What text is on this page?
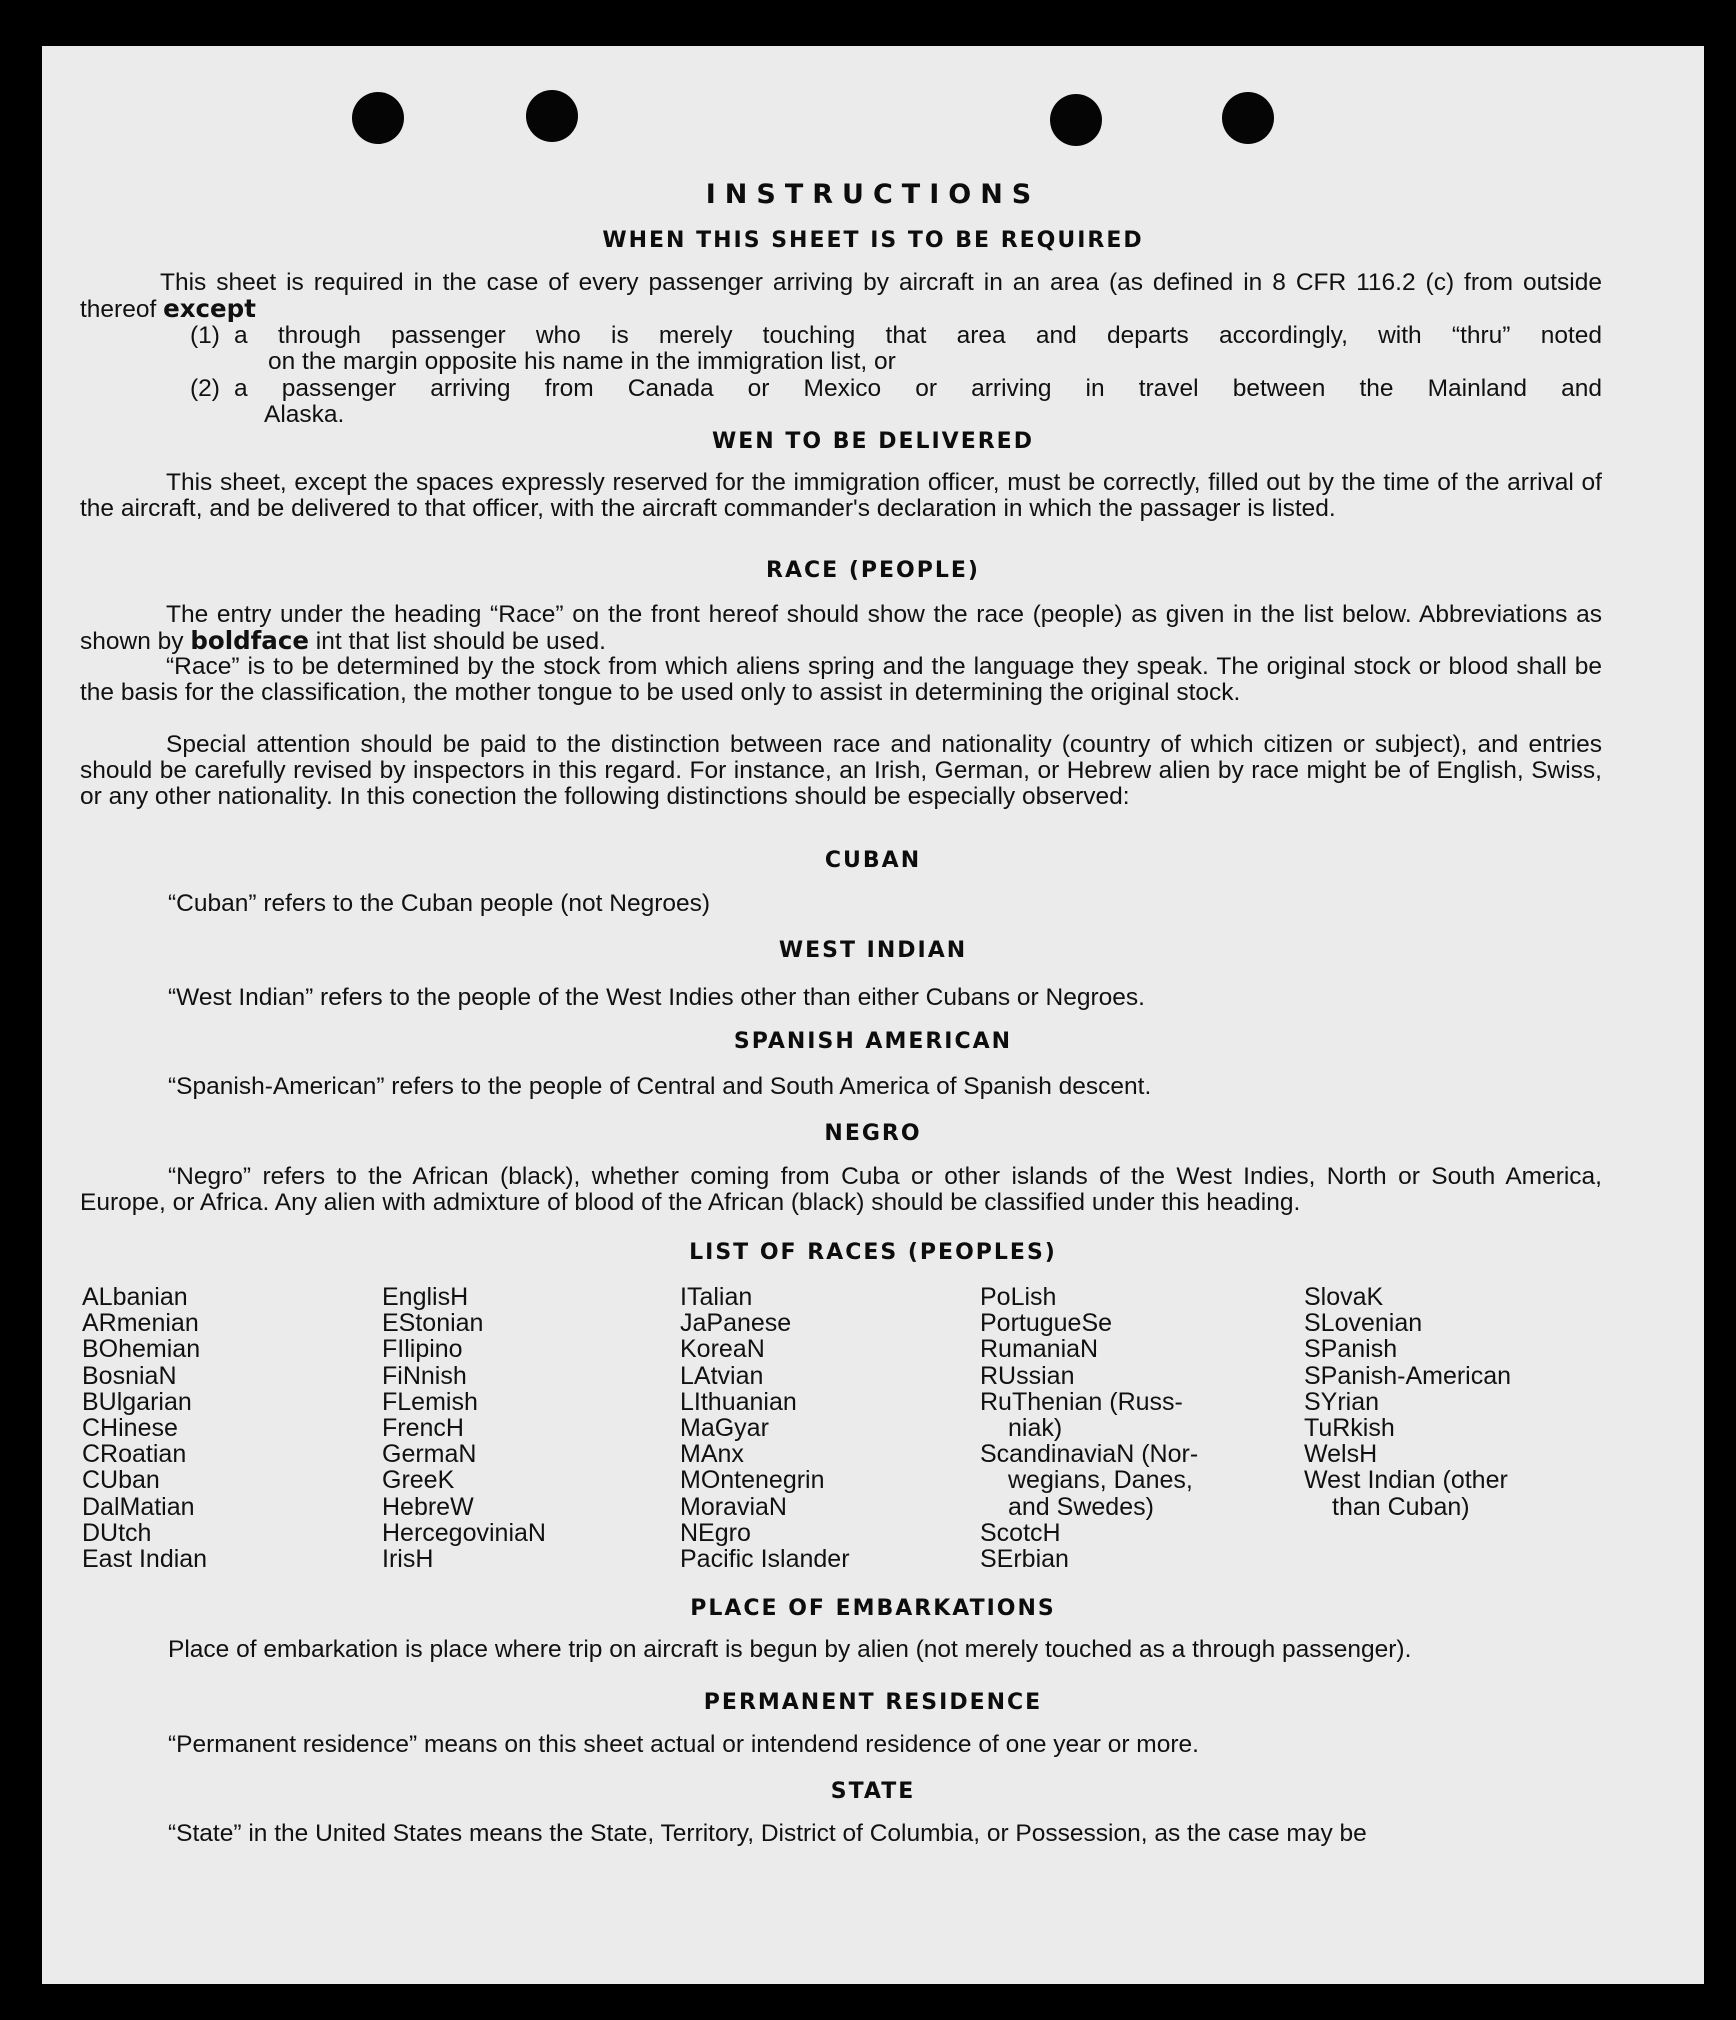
INSTRUCTIONS
WHEN THIS SHEET IS TO BE REQUIRED

This sheet is required in the case of every passenger arriving by aircraft in an area (as defined in 8 CFR 116.2 (c) from outside thereof except

(1) a through passenger who is merely touching that area and departs accordingly, with “thru” noted
on the margin opposite his name in the immigration list, or
(2) a passenger arriving from Canada or Mexico or arriving in travel between the Mainland and
Alaska.
WEN TO BE DELIVERED

This sheet, except the spaces expressly reserved for the immigration officer, must be correctly, filled out by the time of the arrival of the aircraft, and be delivered to that officer, with the aircraft commander's declaration in which the passager is listed.

RACE (PEOPLE)

The entry under the heading “Race” on the front hereof should show the race (people) as given in the list below. Abbreviations as shown by boldface int that list should be used.

“Race” is to be determined by the stock from which aliens spring and the language they speak. The original stock or blood shall be the basis for the classification, the mother tongue to be used only to assist in determining the original stock.

Special attention should be paid to the distinction between race and nationality (country of which citizen or subject), and entries should be carefully revised by inspectors in this regard. For instance, an Irish, German, or Hebrew alien by race might be of English, Swiss, or any other nationality. In this conection the following distinctions should be especially observed:

CUBAN

“Cuban” refers to the Cuban people (not Negroes)

WEST INDIAN

“West Indian” refers to the people of the West Indies other than either Cubans or Negroes.

SPANISH AMERICAN

“Spanish-American” refers to the people of Central and South America of Spanish descent.

NEGRO

“Negro” refers to the African (black), whether coming from Cuba or other islands of the West Indies, North or South America, Europe, or Africa. Any alien with admixture of blood of the African (black) should be classified under this heading.

LIST OF RACES (PEOPLES)
ALbanian
ARmenian
BOhemian
BosniaN
BUlgarian
CHinese
CRoatian
CUban
DalMatian
DUtch
East Indian
EnglisH
EStonian
FIlipino
FiNnish
FLemish
FrencH
GermaN
GreeK
HebreW
HercegoviniaN
IrisH
ITalian
JaPanese
KoreaN
LAtvian
LIthuanian
MaGyar
MAnx
MOntenegrin
MoraviaN
NEgro
Pacific Islander
PoLish
PortugueSe
RumaniaN
RUssian
RuThenian (Russ-
niak)
ScandinaviaN (Nor-
wegians, Danes,
and Swedes)
ScotcH
SErbian
SlovaK
SLovenian
SPanish
SPanish-American
SYrian
TuRkish
WelsH
West Indian (other
than Cuban)
PLACE OF EMBARKATIONS

Place of embarkation is place where trip on aircraft is begun by alien (not merely touched as a through passenger).

PERMANENT RESIDENCE

“Permanent residence” means on this sheet actual or intendend residence of one year or more.

STATE

“State” in the United States means the State, Territory, District of Columbia, or Possession, as the case may be
